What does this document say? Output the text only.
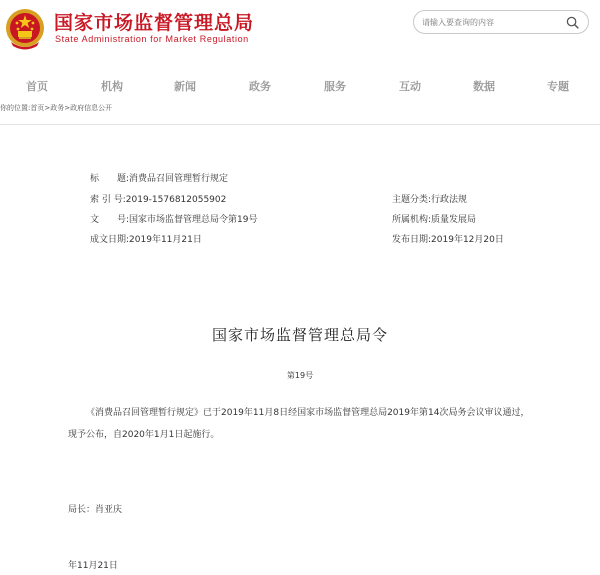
国家市场监督管理总局
State Administration for Market Regulation
请输入要查询的内容
首页	机构	新闻	政务	服务	互动	数据	专题
你的位置:首页>政务>政府信息公开
标　　题:消费品召回管理暂行规定
索 引 号:2019-1576812055902
文　　号:国家市场监督管理总局令第19号
成文日期:2019年11月21日
主题分类:行政法规
所属机构:质量发展局
发布日期:2019年12月20日
国家市场监督管理总局令
第19号
《消费品召回管理暂行规定》已于2019年11月8日经国家市场监督管理总局2019年第14次局务会议审议通过，现予公布，自2020年1月1日起施行。
局长：肖亚庆
年11月21日
